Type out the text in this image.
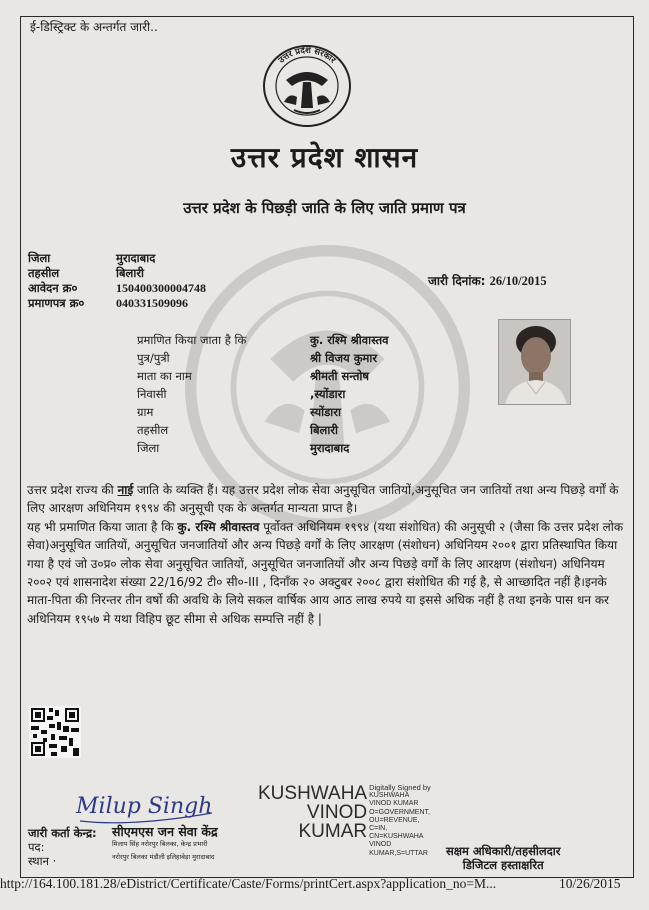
ई-डिस्ट्रिक्ट के अन्तर्गत जारी..
उत्तर प्रदेश सरकार
उत्तर प्रदेश शासन
उत्तर प्रदेश के पिछड़ी जाति के लिए जाति प्रमाण पत्र
जिला	मुरादाबाद
तहसील	बिलारी
आवेदन क्र०	150400300004748
प्रमाणपत्र क्र०	040331509096
जारी दिनांक: 26/10/2015
प्रमाणित किया जाता है कि	कु. रश्मि श्रीवास्तव
पुत्र/पुत्री	श्री विजय कुमार
माता का नाम	श्रीमती सन्तोष
निवासी	,स्योंडारा
ग्राम	स्योंडारा
तहसील	बिलारी
जिला	मुरादाबाद

उत्तर प्रदेश राज्य की नाई जाति के व्यक्ति हैं। यह उत्तर प्रदेश लोक सेवा अनुसूचित जातियों,अनुसूचित जन जातियों तथा अन्य पिछड़े वर्गों के लिए आरक्षण अधिनियम १९९४ की अनुसूची एक के अन्तर्गत मान्यता प्राप्त है।

यह भी प्रमाणित किया जाता है कि कु. रश्मि श्रीवास्तव पूर्वोक्त अधिनियम १९९४ (यथा संशोधित) की अनुसूची २ (जैसा कि उत्तर प्रदेश लोक सेवा)अनुसूचित जातियों, अनुसूचित जनजातियों और अन्य पिछड़े वर्गों के लिए आरक्षण (संशोधन) अधिनियम २००१ द्वारा प्रतिस्थापित किया गया है एवं जो उ०प्र० लोक सेवा अनुसूचित जातियों, अनुसूचित जनजातियों और अन्य पिछड़े वर्गों के लिए आरक्षण (संशोधन) अधिनियम २००२ एवं शासनादेश संख्या 22/16/92 टी० सी०-III , दिनाँक २० अक्टुबर २००८ द्वारा संशोधित की गई है, से आच्छादित नहीं है।इनके माता-पिता की निरन्तर तीन वर्षो की अवधि के लिये सकल वार्षिक आय आठ लाख रुपये या इससे अधिक नहीं है तथा इनके पास धन कर अधिनियम १९५७ मे यथा विहिप छूट सीमा से अधिक सम्पत्ति नहीं है |

Milup Singh
जारी कर्ता केन्द्र:
पद:
स्थान ·
सीएमएस जन सेवा केंद्र
मिलाप सिंह नरोरपुर बिलका, केन्द्र प्रभारी
नरोरपुर बिलका मंडौली इलिहाबेड़ा मुरादाबाद
KUSHWAHA
VINOD
KUMAR
Digitally Signed by
KUSHWAHA
VINOD KUMAR
O=GOVERNMENT,
OU=REVENUE,
C=IN,
CN=KUSHWAHA
VINOD
KUMAR,S=UTTAR सक्षम अधिकारी/तहसीलदार
डिजिटल हस्ताक्षरित
http://164.100.181.28/eDistrict/Certificate/Caste/Forms/printCert.aspx?application_no=M...	10/26/2015
